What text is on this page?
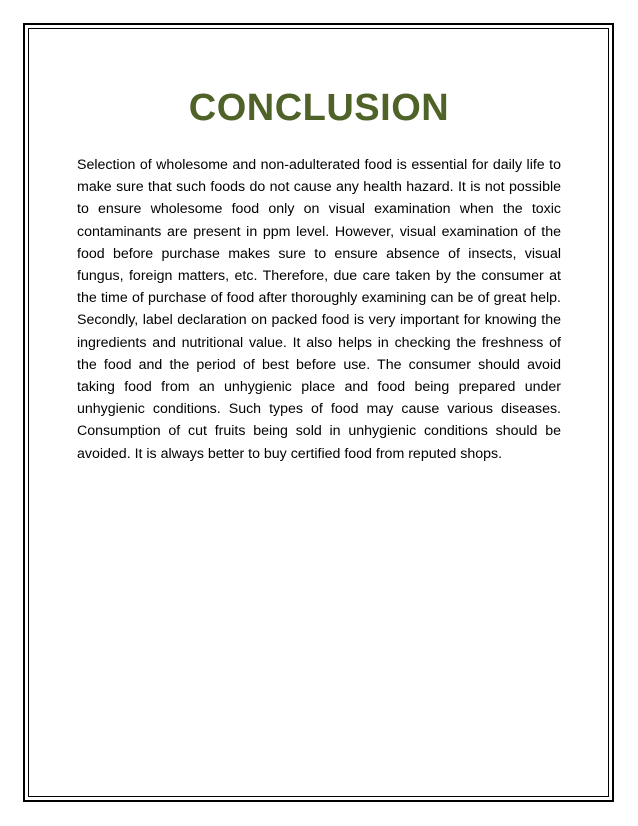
CONCLUSION

Selection of wholesome and non-adulterated food is essential for daily life to make sure that such foods do not cause any health hazard. It is not possible to ensure wholesome food only on visual examination when the toxic contaminants are present in ppm level. However, visual examination of the food before purchase makes sure to ensure absence of insects, visual fungus, foreign matters, etc. Therefore, due care taken by the consumer at the time of purchase of food after thoroughly examining can be of great help. Secondly, label declaration on packed food is very important for knowing the ingredients and nutritional value. It also helps in checking the freshness of the food and the period of best before use. The consumer should avoid taking food from an unhygienic place and food being prepared under unhygienic conditions. Such types of food may cause various diseases. Consumption of cut fruits being sold in unhygienic conditions should be avoided. It is always better to buy certified food from reputed shops.
